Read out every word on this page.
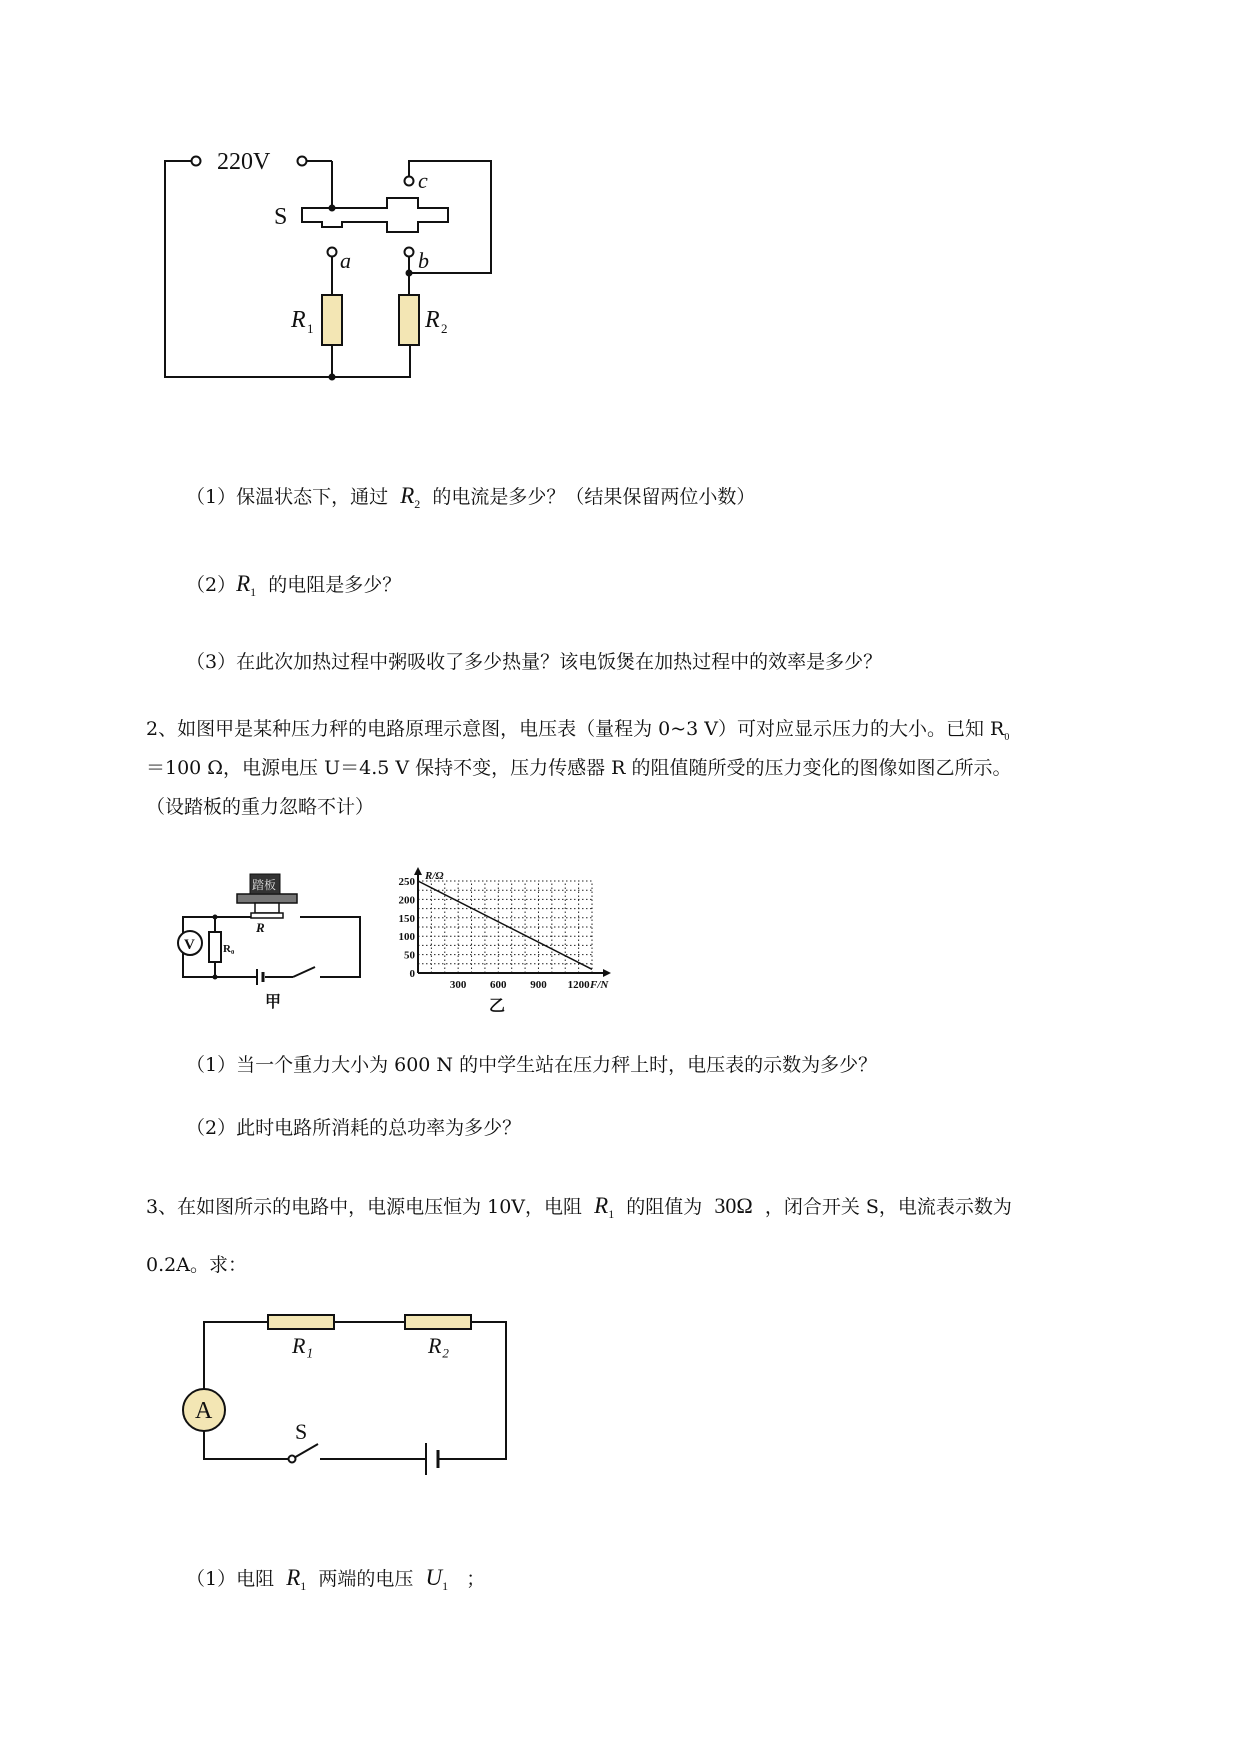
220V
S
a	b
c
R 1	R 2
（1）保温状态下，通过 $R_2$ 的电流是多少？（结果保留两位小数）
$(2)R_1$ 的电阻是多少？
（3）在此次加热过程中粥吸收了多少热量？该电饭煲在加热过程中的效率是多少？
2、如图甲是某种压力秤的电路原理示意图，电压表（量程为 0~3 V）可对应显示压力的大小。已知 $R_0$
＝100 Ω，电源电压 U＝4.5 V 保持不变，压力传感器 R 的阻值随所受的压力变化的图像如图乙所示。
（设踏板的重力忽略不计）
V	R₀
踏板
R
甲
0
50
100
150
200
250
300 600 900 1200
R/Ω
F/N
乙
（1）当一个重力大小为 600 N 的中学生站在压力秤上时，电压表的示数为多少？
（2）此时电路所消耗的总功率为多少？
3、在如图所示的电路中，电源电压恒为 10V，电阻 $R_1$ 的阻值为 30Ω ，闭合开关 S，电流表示数为
0.2A。求：
A
R₁	R₂
S
（1）电阻 $R_1$ 两端的电压 $U_1$ ；
